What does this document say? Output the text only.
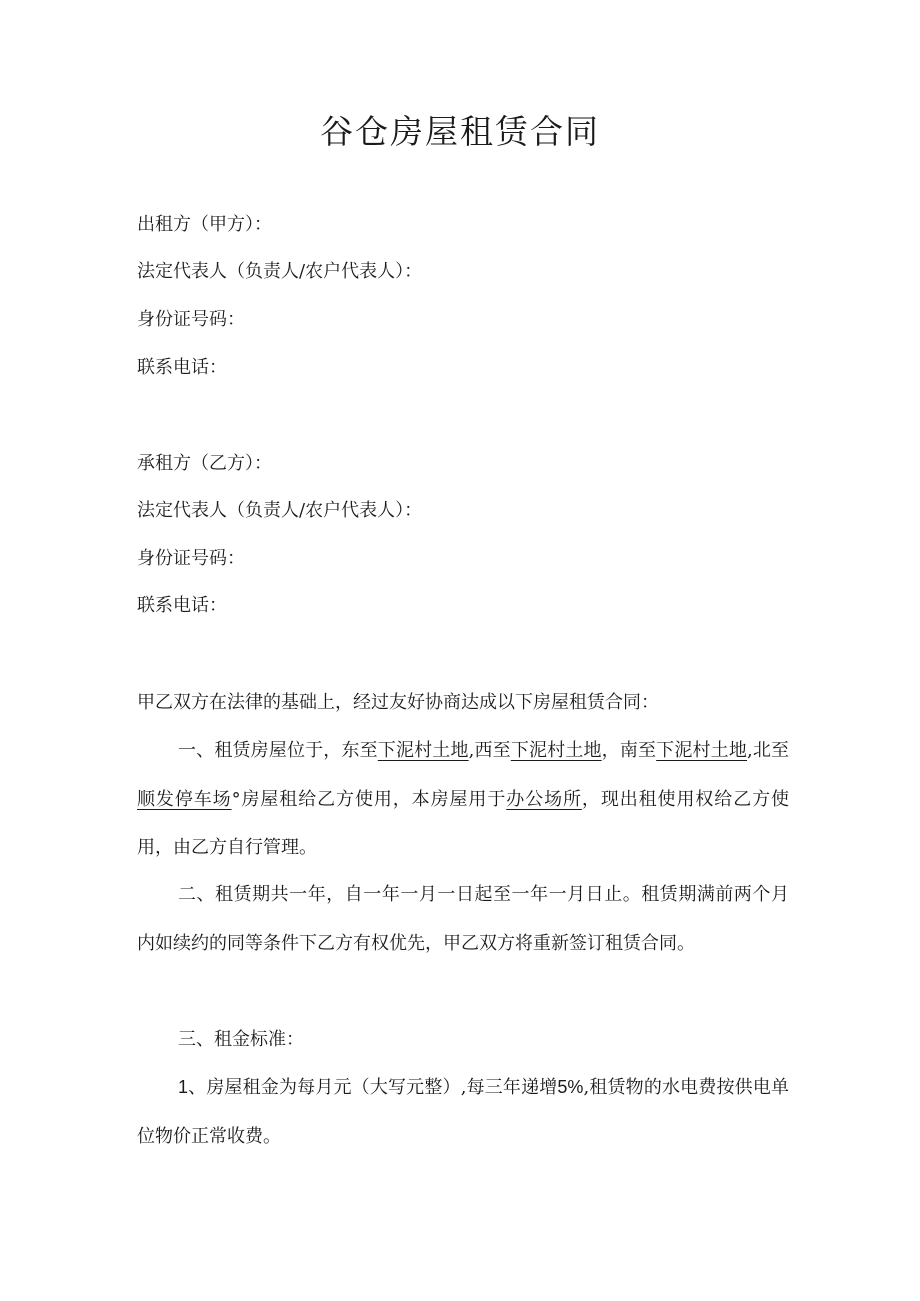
谷仓房屋租赁合同
出租方（甲方）：
法定代表人（负责人/农户代表人）：
身份证号码：
联系电话：
承租方（乙方）：
法定代表人（负责人/农户代表人）：
身份证号码：
联系电话：
甲乙双方在法律的基础上，经过友好协商达成以下房屋租赁合同：
一、租赁房屋位于，东至下泥村土地,西至下泥村土地，南至下泥村土地,北至顺发停车场°房屋租给乙方使用，本房屋用于办公场所，现出租使用权给乙方使用，由乙方自行管理。
二、租赁期共一年，自一年一月一日起至一年一月日止。租赁期满前两个月内如续约的同等条件下乙方有权优先，甲乙双方将重新签订租赁合同。
三、租金标准：
1、房屋租金为每月元（大写元整）,每三年递增5%,租赁物的水电费按供电单位物价正常收费。
